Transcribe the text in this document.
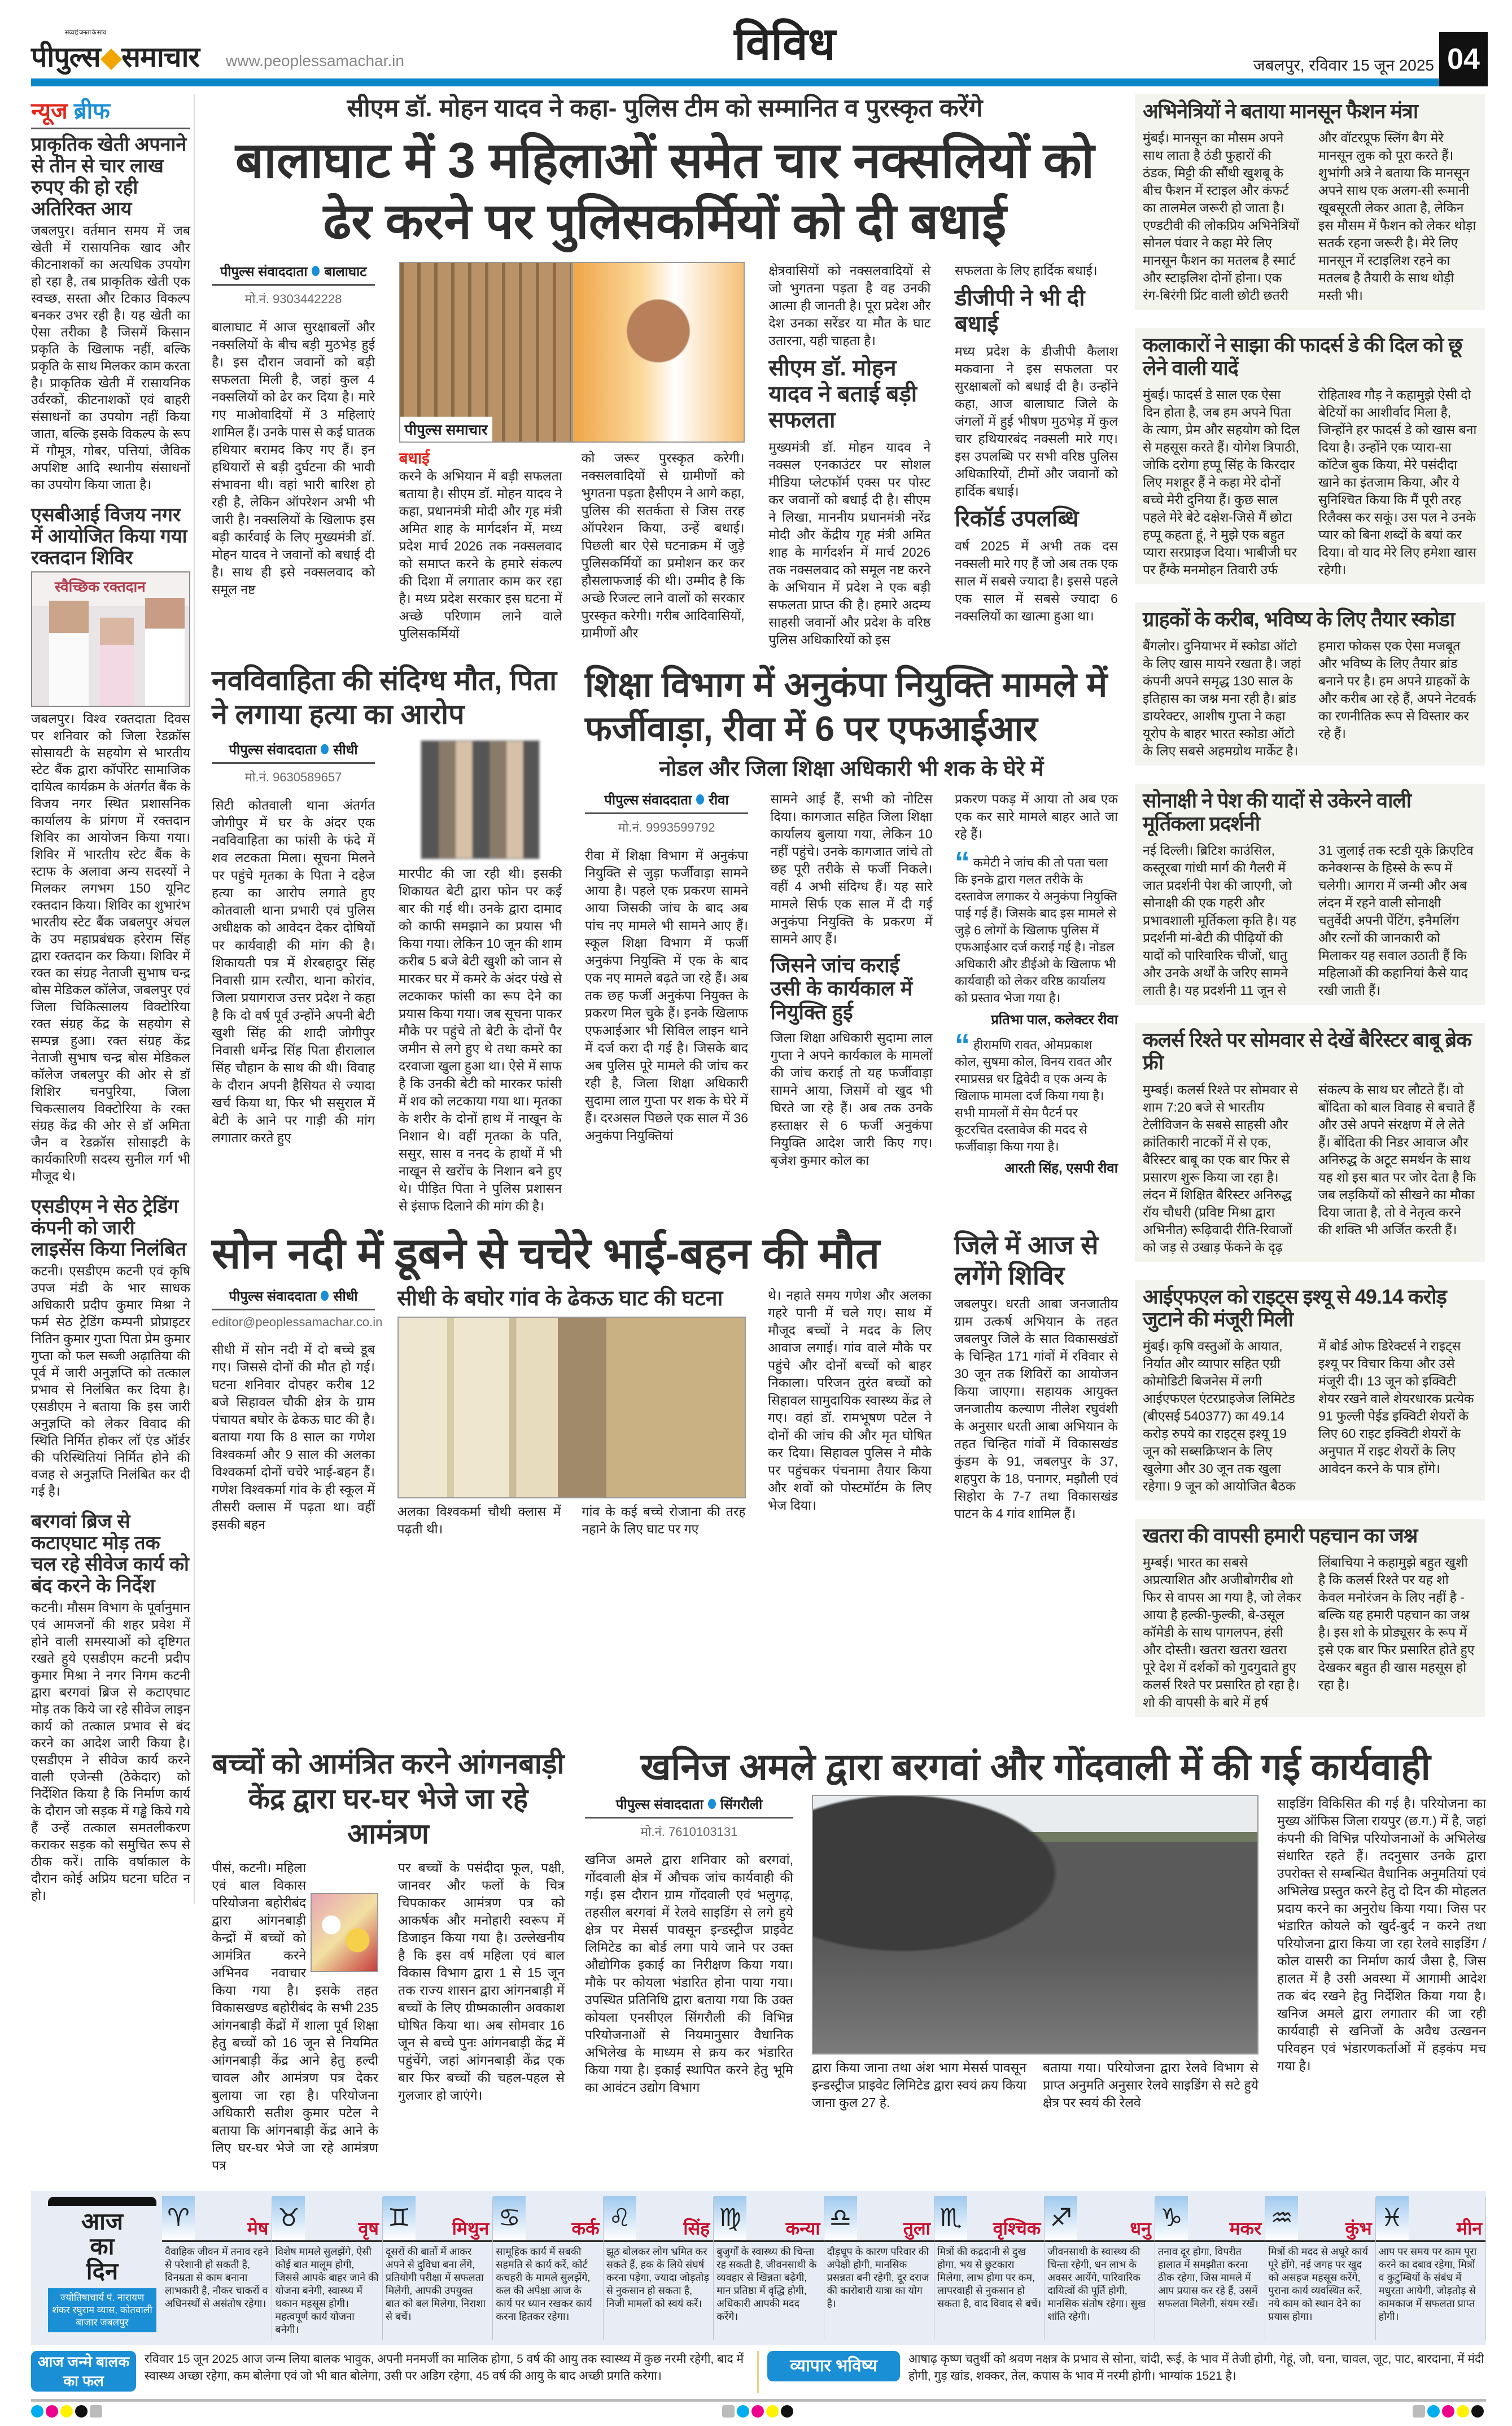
सच्चाई जनता के साथ
पीपुल्स◆समाचार www.peoplessamachar.in	विविध	जबलपुर, रविवार 15 जून 2025 04
न्यूज ब्रीफ
प्राकृतिक खेती अपनाने से तीन से चार लाख रुपए की हो रही अतिरिक्त आय
जबलपुर। वर्तमान समय में जब खेती में रासायनिक खाद और कीटनाशकों का अत्यधिक उपयोग हो रहा है, तब प्राकृतिक खेती एक स्वच्छ, सस्ता और टिकाउ विकल्प बनकर उभर रही है। यह खेती का ऐसा तरीका है जिसमें किसान प्रकृति के खिलाफ नहीं, बल्कि प्रकृति के साथ मिलकर काम करता है। प्राकृतिक खेती में रासायनिक उर्वरकों, कीटनाशकों एवं बाहरी संसाधनों का उपयोग नहीं किया जाता, बल्कि इसके विकल्प के रूप में गौमूत्र, गोबर, पत्तियां, जैविक अपशिष्ट आदि स्थानीय संसाधनों का उपयोग किया जाता है।
एसबीआई विजय नगर में आयोजित किया गया रक्तदान शिविर
स्वैच्छिक रक्तदान
जबलपुर। विश्व रक्तदाता दिवस पर शनिवार को जिला रेडक्रॉस सोसायटी के सहयोग से भारतीय स्टेट बैंक द्वारा कॉर्पोरेट सामाजिक दायित्व कार्यक्रम के अंतर्गत बैंक के विजय नगर स्थित प्रशासनिक कार्यालय के प्रांगण में रक्तदान शिविर का आयोजन किया गया। शिविर में भारतीय स्टेट बैंक के स्टाफ के अलावा अन्य सदस्यों ने मिलकर लगभग 150 यूनिट रक्तदान किया। शिविर का शुभारंभ भारतीय स्टेट बैंक जबलपुर अंचल के उप महाप्रबंधक हरेराम सिंह द्वारा रक्तदान कर किया। शिविर में रक्त का संग्रह नेताजी सुभाष चन्द्र बोस मेडिकल कॉलेज, जबलपुर एवं जिला चिकित्सालय विक्टोरिया रक्त संग्रह केंद्र के सहयोग से सम्पन्न हुआ। रक्त संग्रह केंद्र नेताजी सुभाष चन्द्र बोस मेडिकल कॉलेज जबलपुर की ओर से डॉ शिशिर चनपुरिया, जिला चिकत्सालय विक्टोरिया के रक्त संग्रह केंद्र की ओर से डॉ अमिता जैन व रेडक्रॉस सोसाइटी के कार्यकारिणी सदस्य सुनील गर्ग भी मौजूद थे।
एसडीएम ने सेठ ट्रेडिंग कंपनी को जारी लाइसेंस किया निलंबित
कटनी। एसडीएम कटनी एवं कृषि उपज मंडी के भार साधक अधिकारी प्रदीप कुमार मिश्रा ने फर्म सेठ ट्रेडिंग कम्पनी प्रोप्राइटर नितिन कुमार गुप्ता पिता प्रेम कुमार गुप्ता को फल सब्जी अढ़ातिया की पूर्व में जारी अनुज्ञप्ति को तत्काल प्रभाव से निलंबित कर दिया है। एसडीएम ने बताया कि इस जारी अनुज्ञप्ति को लेकर विवाद की स्थिति निर्मित होकर लॉ एंड ऑर्डर की परिस्थितियां निर्मित होने की वजह से अनुज्ञप्ति निलंबित कर दी गई है।
बरगवां ब्रिज से कटाएघाट मोड़ तक चल रहे सीवेज कार्य को बंद करने के निर्देश
कटनी। मौसम विभाग के पूर्वानुमान एवं आमजनों की शहर प्रवेश में होने वाली समस्याओं को दृष्टिगत रखते हुये एसडीएम कटनी प्रदीप कुमार मिश्रा ने नगर निगम कटनी द्वारा बरगवां ब्रिज से कटाएघाट मोड़ तक किये जा रहे सीवेज लाइन कार्य को तत्काल प्रभाव से बंद करने का आदेश जारी किया है। एसडीएम ने सीवेज कार्य करने वाली एजेन्सी (ठेकेदार) को निर्देशित किया है कि निर्माण कार्य के दौरान जो सड़क में गड्ढे किये गये हैं उन्हें तत्काल समतलीकरण कराकर सड़क को समुचित रूप से ठीक करें। ताकि वर्षाकाल के दौरान कोई अप्रिय घटना घटित न हो।
सीएम डॉ. मोहन यादव ने कहा- पुलिस टीम को सम्मानित व पुरस्कृत करेंगे
बालाघाट में 3 महिलाओं समेत चार नक्सलियों को ढेर करने पर पुलिसकर्मियों को दी बधाई
पीपुल्स संवाददाता बालाघाट
मो.नं. 9303442228
बालाघाट में आज सुरक्षाबलों और नक्सलियों के बीच बड़ी मुठभेड़ हुई है। इस दौरान जवानों को बड़ी सफलता मिली है, जहां कुल 4 नक्सलियों को ढेर कर दिया है। मारे गए माओवादियों में 3 महिलाएं शामिल हैं। उनके पास से कई घातक हथियार बरामद किए गए हैं। इन हथियारों से बड़ी दुर्घटना की भावी संभावना थी। वहां भारी बारिश हो रही है, लेकिन ऑपरेशन अभी भी जारी है। नक्सलियों के खिलाफ इस बड़ी कार्रवाई के लिए मुख्यमंत्री डॉ. मोहन यादव ने जवानों को बधाई दी है। साथ ही इसे नक्सलवाद को समूल नष्ट
पीपुल्स समाचार
बधाई
करने के अभियान में बड़ी सफलता बताया है। सीएम डॉ. मोहन यादव ने कहा, प्रधानमंत्री मोदी और गृह मंत्री अमित शाह के मार्गदर्शन में, मध्य प्रदेश मार्च 2026 तक नक्सलवाद को समाप्त करने के हमारे संकल्प की दिशा में लगातार काम कर रहा है। मध्य प्रदेश सरकार इस घटना में अच्छे परिणाम लाने वाले पुलिसकर्मियों
को जरूर पुरस्कृत करेगी। नक्सलवादियों से ग्रामीणों को भुगतना पड़ता हैसीएम ने आगे कहा, पुलिस की सतर्कता से जिस तरह ऑपरेशन किया, उन्हें बधाई। पिछली बार ऐसे घटनाक्रम में जुड़े पुलिसकर्मियों का प्रमोशन कर कर हौसलाफजाई की थी। उम्मीद है कि अच्छे रिजल्ट लाने वालों को सरकार पुरस्कृत करेगी। गरीब आदिवासियों, ग्रामीणों और
क्षेत्रवासियों को नक्सलवादियों से जो भुगतना पड़ता है वह उनकी आत्मा ही जानती है। पूरा प्रदेश और देश उनका सरेंडर या मौत के घाट उतारना, यही चाहता है।
सीएम डॉ. मोहन यादव ने बताई बड़ी सफलता
मुख्यमंत्री डॉ. मोहन यादव ने नक्सल एनकाउंटर पर सोशल मीडिया प्लेटफॉर्म एक्स पर पोस्ट कर जवानों को बधाई दी है। सीएम ने लिखा, माननीय प्रधानमंत्री नरेंद्र मोदी और केंद्रीय गृह मंत्री अमित शाह के मार्गदर्शन में मार्च 2026 तक नक्सलवाद को समूल नष्ट करने के अभियान में प्रदेश ने एक बड़ी सफलता प्राप्त की है। हमारे अदम्य साहसी जवानों और प्रदेश के वरिष्ठ पुलिस अधिकारियों को इस
सफलता के लिए हार्दिक बधाई।
डीजीपी ने भी दी बधाई
मध्य प्रदेश के डीजीपी कैलाश मकवाना ने इस सफलता पर सुरक्षाबलों को बधाई दी है। उन्होंने कहा, आज बालाघाट जिले के जंगलों में हुई भीषण मुठभेड़ में कुल चार हथियारबंद नक्सली मारे गए। इस उपलब्धि पर सभी वरिष्ठ पुलिस अधिकारियों, टीमों और जवानों को हार्दिक बधाई।
रिकॉर्ड उपलब्धि
वर्ष 2025 में अभी तक दस नक्सली मारे गए हैं जो अब तक एक साल में सबसे ज्यादा है। इससे पहले एक साल में सबसे ज्यादा 6 नक्सलियों का खात्मा हुआ था।
नवविवाहिता की संदिग्ध मौत, पिता ने लगाया हत्या का आरोप
पीपुल्स संवाददाता सीधी
मो.नं. 9630589657
सिटी कोतवाली थाना अंतर्गत जोगीपुर में घर के अंदर एक नवविवाहिता का फांसी के फंदे में शव लटकता मिला। सूचना मिलने पर पहुंचे मृतका के पिता ने दहेज हत्या का आरोप लगाते हुए कोतवाली थाना प्रभारी एवं पुलिस अधीक्षक को आवेदन देकर दोषियों पर कार्यवाही की मांग की है। शिकायती पत्र में शेरबहादुर सिंह निवासी ग्राम रत्यौरा, थाना कोरांव, जिला प्रयागराज उत्तर प्रदेश ने कहा है कि दो वर्ष पूर्व उन्होंने अपनी बेटी खुशी सिंह की शादी जोगीपुर निवासी धर्मेन्द्र सिंह पिता हीरालाल सिंह चौहान के साथ की थी। विवाह के दौरान अपनी हैसियत से ज्यादा खर्च किया था, फिर भी ससुराल में बेटी के आने पर गाड़ी की मांग लगातार करते हुए
मारपीट की जा रही थी। इसकी शिकायत बेटी द्वारा फोन पर कई बार की गई थी। उनके द्वारा दामाद को काफी समझाने का प्रयास भी किया गया। लेकिन 10 जून की शाम करीब 5 बजे बेटी खुशी को जान से मारकर घर में कमरे के अंदर पंखे से लटकाकर फांसी का रूप देने का प्रयास किया गया। जब सूचना पाकर मौके पर पहुंचे तो बेटी के दोनों पैर जमीन से लगे हुए थे तथा कमरे का दरवाजा खुला हुआ था। ऐसे में साफ है कि उनकी बेटी को मारकर फांसी में शव को लटकाया गया था। मृतका के शरीर के दोनों हाथ में नाखून के निशान थे। वहीं मृतका के पति, ससुर, सास व ननद के हाथों में भी नाखून से खरोंच के निशान बने हुए थे। पीड़ित पिता ने पुलिस प्रशासन से इंसाफ दिलाने की मांग की है।
शिक्षा विभाग में अनुकंपा नियुक्ति मामले में फर्जीवाड़ा, रीवा में 6 पर एफआईआर
नोडल और जिला शिक्षा अधिकारी भी शक के घेरे में
पीपुल्स संवाददाता रीवा
मो.नं. 9993599792
रीवा में शिक्षा विभाग में अनुकंपा नियुक्ति से जुड़ा फर्जीवाड़ा सामने आया है। पहले एक प्रकरण सामने आया जिसकी जांच के बाद अब पांच नए मामले भी सामने आए हैं। स्कूल शिक्षा विभाग में फर्जी अनुकंपा नियुक्ति में एक के बाद एक नए मामले बढ़ते जा रहे हैं। अब तक छह फर्जी अनुकंपा नियुक्त के प्रकरण मिल चुके हैं। इनके खिलाफ एफआईआर भी सिविल लाइन थाने में दर्ज करा दी गई है। जिसके बाद अब पुलिस पूरे मामले की जांच कर रही है, जिला शिक्षा अधिकारी सुदामा लाल गुप्ता पर शक के घेरे में हैं। दरअसल पिछले एक साल में 36 अनुकंपा नियुक्तियां
सामने आई हैं, सभी को नोटिस दिया। कागजात सहित जिला शिक्षा कार्यालय बुलाया गया, लेकिन 10 नहीं पहुंचे। उनके कागजात जांचे तो छह पूरी तरीके से फर्जी निकले। वहीं 4 अभी संदिग्ध हैं। यह सारे मामले सिर्फ एक साल में दी गई अनुकंपा नियुक्ति के प्रकरण में सामने आए हैं।
जिसने जांच कराई उसी के कार्यकाल में नियुक्ति हुई
जिला शिक्षा अधिकारी सुदामा लाल गुप्ता ने अपने कार्यकाल के मामलों की जांच कराई तो यह फर्जीवाड़ा सामने आया, जिसमें वो खुद भी घिरते जा रहे हैं। अब तक उनके हस्ताक्षर से 6 फर्जी अनुकंपा नियुक्ति आदेश जारी किए गए। बृजेश कुमार कोल का
प्रकरण पकड़ में आया तो अब एक एक कर सारे मामले बाहर आते जा रहे हैं।
“ कमेटी ने जांच की तो पता चला कि इनके द्वारा गलत तरीके के दस्तावेज लगाकर ये अनुकंपा नियुक्ति पाई गई हैं। जिसके बाद इस मामले से जुड़े 6 लोगों के खिलाफ पुलिस में एफआईआर दर्ज कराई गई है। नोडल अधिकारी और डीईओ के खिलाफ भी कार्यवाही को लेकर वरिष्ठ कार्यालय को प्रस्ताव भेजा गया है।
प्रतिभा पाल, कलेक्टर रीवा
“ हीरामणि रावत, ओमप्रकाश कोल, सुषमा कोल, विनय रावत और रमाप्रसन्न धर द्विवेदी व एक अन्य के खिलाफ मामला दर्ज किया गया है। सभी मामलों में सेम पैटर्न पर कूटरचित दस्तावेज की मदद से फर्जीवाड़ा किया गया है।
आरती सिंह, एसपी रीवा
सोन नदी में डूबने से चचेरे भाई-बहन की मौत
पीपुल्स संवाददाता सीधी
editor@peoplessamachar.co.in
सीधी में सोन नदी में दो बच्चे डूब गए। जिससे दोनों की मौत हो गई। घटना शनिवार दोपहर करीब 12 बजे सिहावल चौकी क्षेत्र के ग्राम पंचायत बघोर के ढेकऊ घाट की है। बताया गया कि 8 साल का गणेश विश्वकर्मा और 9 साल की अलका विश्वकर्मा दोनों चचेरे भाई-बहन हैं। गणेश विश्वकर्मा गांव के ही स्कूल में तीसरी क्लास में पढ़ता था। वहीं इसकी बहन
सीधी के बघोर गांव के ढेकऊ घाट की घटना
अलका विश्वकर्मा चौथी क्लास में पढ़ती थी।
गांव के कई बच्चे रोजाना की तरह नहाने के लिए घाट पर गए
थे। नहाते समय गणेश और अलका गहरे पानी में चले गए। साथ में मौजूद बच्चों ने मदद के लिए आवाज लगाई। गांव वाले मौके पर पहुंचे और दोनों बच्चों को बाहर निकाला। परिजन तुरंत बच्चों को सिहावल सामुदायिक स्वास्थ्य केंद्र ले गए। वहां डॉ. रामभूषण पटेल ने दोनों की जांच की और मृत घोषित कर दिया। सिहावल पुलिस ने मौके पर पहुंचकर पंचनामा तैयार किया और शवों को पोस्टमॉर्टम के लिए भेज दिया।
जिले में आज से लगेंगे शिविर
जबलपुर। धरती आबा जनजातीय ग्राम उत्कर्ष अभियान के तहत जबलपुर जिले के सात विकासखंडों के चिन्हित 171 गांवों में रविवार से 30 जून तक शिविरों का आयोजन किया जाएगा। सहायक आयुक्त जनजातीय कल्याण नीलेश रघुवंशी के अनुसार धरती आबा अभियान के तहत चिन्हित गांवों में विकासखंड कुंडम के 91, जबलपुर के 37, शहपुरा के 18, पनागर, मझौली एवं सिहोरा के 7-7 तथा विकासखंड पाटन के 4 गांव शामिल हैं।
अभिनेत्रियों ने बताया मानसून फैशन मंत्रा
मुंबई। मानसून का मौसम अपने साथ लाता है ठंडी फुहारों की ठंडक, मिट्टी की सौंधी खुशबू के बीच फैशन में स्टाइल और कंफर्ट का तालमेल जरूरी हो जाता है। एण्डटीवी की लोकप्रिय अभिनेत्रियों सोनल पंवार ने कहा मेरे लिए मानसून फैशन का मतलब है स्मार्ट और स्टाइलिश दोनों होना। एक रंग-बिरंगी प्रिंट वाली छोटी छतरी और वॉटरप्रूफ स्लिंग बैग मेरे मानसून लुक को पूरा करते हैं। शुभांगी अत्रे ने बताया कि मानसून अपने साथ एक अलग-सी रूमानी खूबसूरती लेकर आता है, लेकिन इस मौसम में फैशन को लेकर थोड़ा सतर्क रहना जरूरी है। मेरे लिए मानसून में स्टाइलिश रहने का मतलब है तैयारी के साथ थोड़ी मस्ती भी।
कलाकारों ने साझा की फादर्स डे की दिल को छू लेने वाली यादें
मुंबई। फादर्स डे साल एक ऐसा दिन होता है, जब हम अपने पिता के त्याग, प्रेम और सहयोग को दिल से महसूस करते हैं। योगेश त्रिपाठी, जोकि दरोगा हप्पू सिंह के किरदार लिए मशहूर हैं ने कहा मेरे दोनों बच्चे मेरी दुनिया हैं। कुछ साल पहले मेरे बेटे दक्षेश-जिसे मैं छोटा हप्पू कहता हूं, ने मुझे एक बहुत प्यारा सरप्राइज दिया। भाबीजी घर पर हैंग्के मनमोहन तिवारी उर्फ रोहिताश्व गौड़ ने कहामुझे ऐसी दो बेटियों का आशीर्वाद मिला है, जिन्होंने हर फादर्स डे को खास बना दिया है। उन्होंने एक प्यारा-सा कॉटेज बुक किया, मेरे पसंदीदा खाने का इंतजाम किया, और ये सुनिश्चित किया कि मैं पूरी तरह रिलैक्स कर सकूं। उस पल ने उनके प्यार को बिना शब्दों के बयां कर दिया। वो याद मेरे लिए हमेशा खास रहेगी।
ग्राहकों के करीब, भविष्य के लिए तैयार स्कोडा
बैंगलोर। दुनियाभर में स्कोडा ऑटो के लिए खास मायने रखता है। जहां कंपनी अपने समृद्ध 130 साल के इतिहास का जश्न मना रही है। ब्रांड डायरेक्टर, आशीष गुप्ता ने कहा यूरोप के बाहर भारत स्कोडा ऑटो के लिए सबसे अहमग्रोथ मार्केट है। हमारा फोकस एक ऐसा मजबूत और भविष्य के लिए तैयार ब्रांड बनाने पर है। हम अपने ग्राहकों के और करीब आ रहे हैं, अपने नेटवर्क का रणनीतिक रूप से विस्तार कर रहे हैं।
सोनाक्षी ने पेश की यादों से उकेरने वाली मूर्तिकला प्रदर्शनी
नई दिल्ली। ब्रिटिश काउंसिल, कस्तूरबा गांधी मार्ग की गैलरी में जात प्रदर्शनी पेश की जाएगी, जो सोनाक्षी की एक गहरी और प्रभावशाली मूर्तिकला कृति है। यह प्रदर्शनी मां-बेटी की पीढ़ियों की यादों को पारिवारिक चीजों, धातु और उनके अर्थों के जरिए सामने लाती है। यह प्रदर्शनी 11 जून से 31 जुलाई तक स्टडी यूके क्रिएटिव कनेक्शन्स के हिस्से के रूप में चलेगी। आगरा में जन्मी और अब लंदन में रहने वाली सोनाक्षी चतुर्वेदी अपनी पेंटिंग, इनैमलिंग और रत्नों की जानकारी को मिलाकर यह सवाल उठाती हैं कि महिलाओं की कहानियां कैसे याद रखी जाती हैं।
कलर्स रिश्ते पर सोमवार से देखें बैरिस्टर बाबू ब्रेक फ्री
मुम्बई। कलर्स रिश्ते पर सोमवार से शाम 7:20 बजे से भारतीय टेलीविजन के सबसे साहसी और क्रांतिकारी नाटकों में से एक, बैरिस्टर बाबू का एक बार फिर से प्रसारण शुरू किया जा रहा है। लंदन में शिक्षित बैरिस्टर अनिरुद्ध रॉय चौधरी (प्रविष्ट मिश्रा द्वारा अभिनीत) रूढ़िवादी रीति-रिवाजों को जड़ से उखाड़ फेंकने के दृढ़ संकल्प के साथ घर लौटते हैं। वो बोंदिता को बाल विवाह से बचाते हैं और उसे अपने संरक्षण में ले लेते हैं। बोंदिता की निडर आवाज और अनिरुद्ध के अटूट समर्थन के साथ यह शो इस बात पर जोर देता है कि जब लड़कियों को सीखने का मौका दिया जाता है, तो वे नेतृत्व करने की शक्ति भी अर्जित करती हैं।
आईएफएल को राइट्स इश्यू से 49.14 करोड़ जुटाने की मंजूरी मिली
मुंबई। कृषि वस्तुओं के आयात, निर्यात और व्यापार सहित एग्री कोमोडिटी बिजनेस में लगी आईएफएल एंटरप्राइजेज लिमिटेड (बीएसई 540377) का 49.14 करोड़ रुपये का राइट्स इश्यू 19 जून को सब्सक्रिप्शन के लिए खुलेगा और 30 जून तक खुला रहेगा। 9 जून को आयोजित बैठक में बोर्ड ओफ डिरेक्टर्स ने राइट्स इश्यू पर विचार किया और उसे मंजूरी दी। 13 जून को इक्विटी शेयर रखने वाले शेयरधारक प्रत्येक 91 फुल्ली पेईड इक्विटी शेयरों के लिए 60 राइट इक्विटी शेयरों के अनुपात में राइट शेयरों के लिए आवेदन करने के पात्र होंगे।
खतरा की वापसी हमारी पहचान का जश्न
मुम्बई। भारत का सबसे अप्रत्याशित और अजीबोगरीब शो फिर से वापस आ गया है, जो लेकर आया है हल्की-फुल्की, बे-उसूल कॉमेडी के साथ पागलपन, हंसी और दोस्ती। खतरा खतरा खतरा पूरे देश में दर्शकों को गुदगुदाते हुए कलर्स रिश्ते पर प्रसारित हो रहा है। शो की वापसी के बारे में हर्ष लिंबाचिया ने कहामुझे बहुत खुशी है कि कलर्स रिश्ते पर यह शो केवल मनोरंजन के लिए नहीं है - बल्कि यह हमारी पहचान का जश्न है। इस शो के प्रोड्यूसर के रूप में इसे एक बार फिर प्रसारित होते हुए देखकर बहुत ही खास महसूस हो रहा है।
बच्चों को आमंत्रित करने आंगनबाड़ी केंद्र द्वारा घर-घर भेजे जा रहे आमंत्रण
पीसं, कटनी। महिला एवं बाल विकास परियोजना बहोरीबंद द्वारा आंगनबाड़ी केन्द्रों में बच्चों को आमंत्रित करने अभिनव नवाचार किया गया है। इसके तहत विकासखण्ड बहोरीबंद के सभी 235 आंगनबाड़ी केंद्रों में शाला पूर्व शिक्षा हेतु बच्चों को 16 जून से नियमित आंगनबाड़ी केंद्र आने हेतु हल्दी चावल और आमंत्रण पत्र देकर बुलाया जा रहा है। परियोजना अधिकारी सतीश कुमार पटेल ने बताया कि आंगनबाड़ी केंद्र आने के लिए घर-घर भेजे जा रहे आमंत्रण पत्र
पर बच्चों के पसंदीदा फूल, पक्षी, जानवर और फलों के चित्र चिपकाकर आमंत्रण पत्र को आकर्षक और मनोहारी स्वरूप में डिजाइन किया गया है। उल्लेखनीय है कि इस वर्ष महिला एवं बाल विकास विभाग द्वारा 1 से 15 जून तक राज्य शासन द्वारा आंगनबाड़ी में बच्चों के लिए ग्रीष्मकालीन अवकाश घोषित किया था। अब सोमवार 16 जून से बच्चे पुनः आंगनबाड़ी केंद्र में पहुंचेंगे, जहां आंगनबाड़ी केंद्र एक बार फिर बच्चों की चहल-पहल से गुलजार हो जाएंगे।
खनिज अमले द्वारा बरगवां और गोंदवाली में की गई कार्यवाही
पीपुल्स संवाददाता सिंगरौली
मो.नं. 7610103131
खनिज अमले द्वारा शनिवार को बरगवां, गोंदवाली क्षेत्र में औचक जांच कार्यवाही की गई। इस दौरान ग्राम गोंदवाली एवं भलुगढ़, तहसील बरगवां में रेलवे साइडिंग से लगे हुये क्षेत्र पर मेसर्स पावसून इन्डस्ट्रीज प्राइवेट लिमिटेड का बोर्ड लगा पाये जाने पर उक्त औद्योगिक इकाई का निरीक्षण किया गया। मौके पर कोयला भंडारित होना पाया गया। उपस्थित प्रतिनिधि द्वारा बताया गया कि उक्त कोयला एनसीएल सिंगरौली की विभिन्न परियोजनाओं से नियमानुसार वैधानिक अभिलेख के माध्यम से क्रय कर भंडारित किया गया है। इकाई स्थापित करने हेतु भूमि का आवंटन उद्योग विभाग
द्वारा किया जाना तथा अंश भाग मेसर्स पावसून इन्डस्ट्रीज प्राइवेट लिमिटेड द्वारा स्वयं क्रय किया जाना कुल 27 हे.
बताया गया। परियोजना द्वारा रेलवे विभाग से प्राप्त अनुमति अनुसार रेलवे साइडिंग से सटे हुये क्षेत्र पर स्वयं की रेलवे
साइडिंग विकिसित की गई है। परियोजना का मुख्य ऑफिस जिला रायपुर (छ.ग.) में है, जहां कंपनी की विभिन्न परियोजनाओं के अभिलेख संधारित रहते हैं। तदनुसार उनके द्वारा उपरोक्त से सम्बन्धित वैधानिक अनुमतियां एवं अभिलेख प्रस्तुत करने हेतु दो दिन की मोहलत प्रदाय करने का अनुरोध किया गया। जिस पर भंडारित कोयले को खुर्द-बुर्द न करने तथा परियोजना द्वारा किया जा रहा रेलवे साइडिंग / कोल वासरी का निर्माण कार्य जैसा है, जिस हालत में है उसी अवस्था में आगामी आदेश तक बंद रखने हेतु निर्देशित किया गया है। खनिज अमले द्वारा लगातार की जा रही कार्यवाही से खनिजों के अवैध उत्खनन परिवहन एवं भंडारणकर्ताओं में हड़कंप मच गया है।
आज
का
दिन
ज्योतिषाचार्य पं. नारायण शंकर रघुराम व्यास, कोतवाली बाजार जबलपुर
♈	मेष
वैवाहिक जीवन में तनाव रहने से परेशानी हो सकती है, विनम्रता से काम बनाना लाभकारी है, नौकर चाकरों व अधिनस्थों से असंतोष रहेगा।
♉	वृष
विशेष मामले सुलझेंगे, ऐसी कोई बात मालूम होगी, जिससे आपके बाहर जाने की योजना बनेगी, स्वास्थ्य में थकान महसूस होगी। महत्वपूर्ण कार्य योजना बनेगी।
♊	मिथुन
दूसरों की बातों में आकर अपने से दुविधा बना लेंगे, प्रतियोगी परीक्षा में सफलता मिलेगी, आपकी उपयुक्त बात को बल मिलेगा, निराशा से बचें।
♋	कर्क
सामूहिक कार्य में सबकी सहमति से कार्य करें, कोर्ट कचहरी के मामले सुलझेंगे, कल की अपेक्षा आज के कार्य पर ध्यान रखकर कार्य करना हितकर रहेगा।
♌	सिंह
झूठ बोलकर लोग भ्रमित कर सकते हैं, हक के लिये संघर्ष करना पड़ेगा, ज्यादा जोड़तोड़ से नुकसान हो सकता है, निजी मामलों को स्वयं करें।
♍	कन्या
बुजुर्गों के स्वास्थ्य की चिन्ता रह सकती है, जीवनसाथी के व्यवहार से खिन्नता बढ़ेगी, मान प्रतिष्ठा में वृद्धि होगी, अधिकारी आपकी मदद करेंगे।
♎	तुला
दौड़धूप के कारण परिवार की अपेक्षी होगी, मानसिक प्रसन्नता बनी रहेगी, दूर दराज की कारोबारी यात्रा का योग है।
♏	वृश्चिक
मित्रों की कद्रदानी से दुख होगा, भय से छुटकारा मिलेगा, लाभ होगा पर कम, लापरवाही से नुकसान हो सकता है, वाद विवाद से बचें।
♐	धनु
जीवनसाथी के स्वास्थ्य की चिन्ता रहेगी, धन लाभ के अवसर आयेंगे, पारिवारिक दायित्वों की पूर्ति होगी, मानसिक संतोष रहेगा। सुख शांति रहेगी।
♑	मकर
तनाव दूर होगा, विपरीत हालात में समझौता करना ठीक रहेगा, जिस मामले में आप प्रयास कर रहे हैं, उसमें सफलता मिलेगी, संयम रखें।
♒	कुंभ
मित्रों की मदद से अधूरे कार्य पूरे होंगे, नई जगह पर खुद को असहज महसूस करेंगे, पुराना कार्य व्यवस्थित करें, नये काम को स्थान देने का प्रयास होगा।
♓	मीन
आप पर समय पर काम पूरा करने का दबाव रहेगा, मित्रों व कुटुम्बियों के संबंध में मधुरता आयेगी, जोड़तोड़ से कामकाज में सफलता प्राप्त होगी।
आज जन्मे बालक का फल
रविवार 15 जून 2025 आज जन्म लिया बालक भावुक, अपनी मनमर्जी का मालिक होगा, 5 वर्ष की आयु तक स्वास्थ्य में कुछ नरमी रहेगी, बाद में स्वास्थ्य अच्छा रहेगा, कम बोलेगा एवं जो भी बात बोलेगा, उसी पर अडिग रहेगा, 45 वर्ष की आयु के बाद अच्छी प्रगति करेगा।
व्यापार भविष्य	आषाढ़ कृष्ण चतुर्थी को श्रवण नक्षत्र के प्रभाव से सोना, चांदी, रूई, के भाव में तेजी होगी, गेहूं, जौ, चना, चावल, जूट, पाट, बारदाना, में मंदी होगी, गुड़ खांड, शक्कर, तेल, कपास के भाव में नरमी होगी। भाग्यांक 1521 है।
